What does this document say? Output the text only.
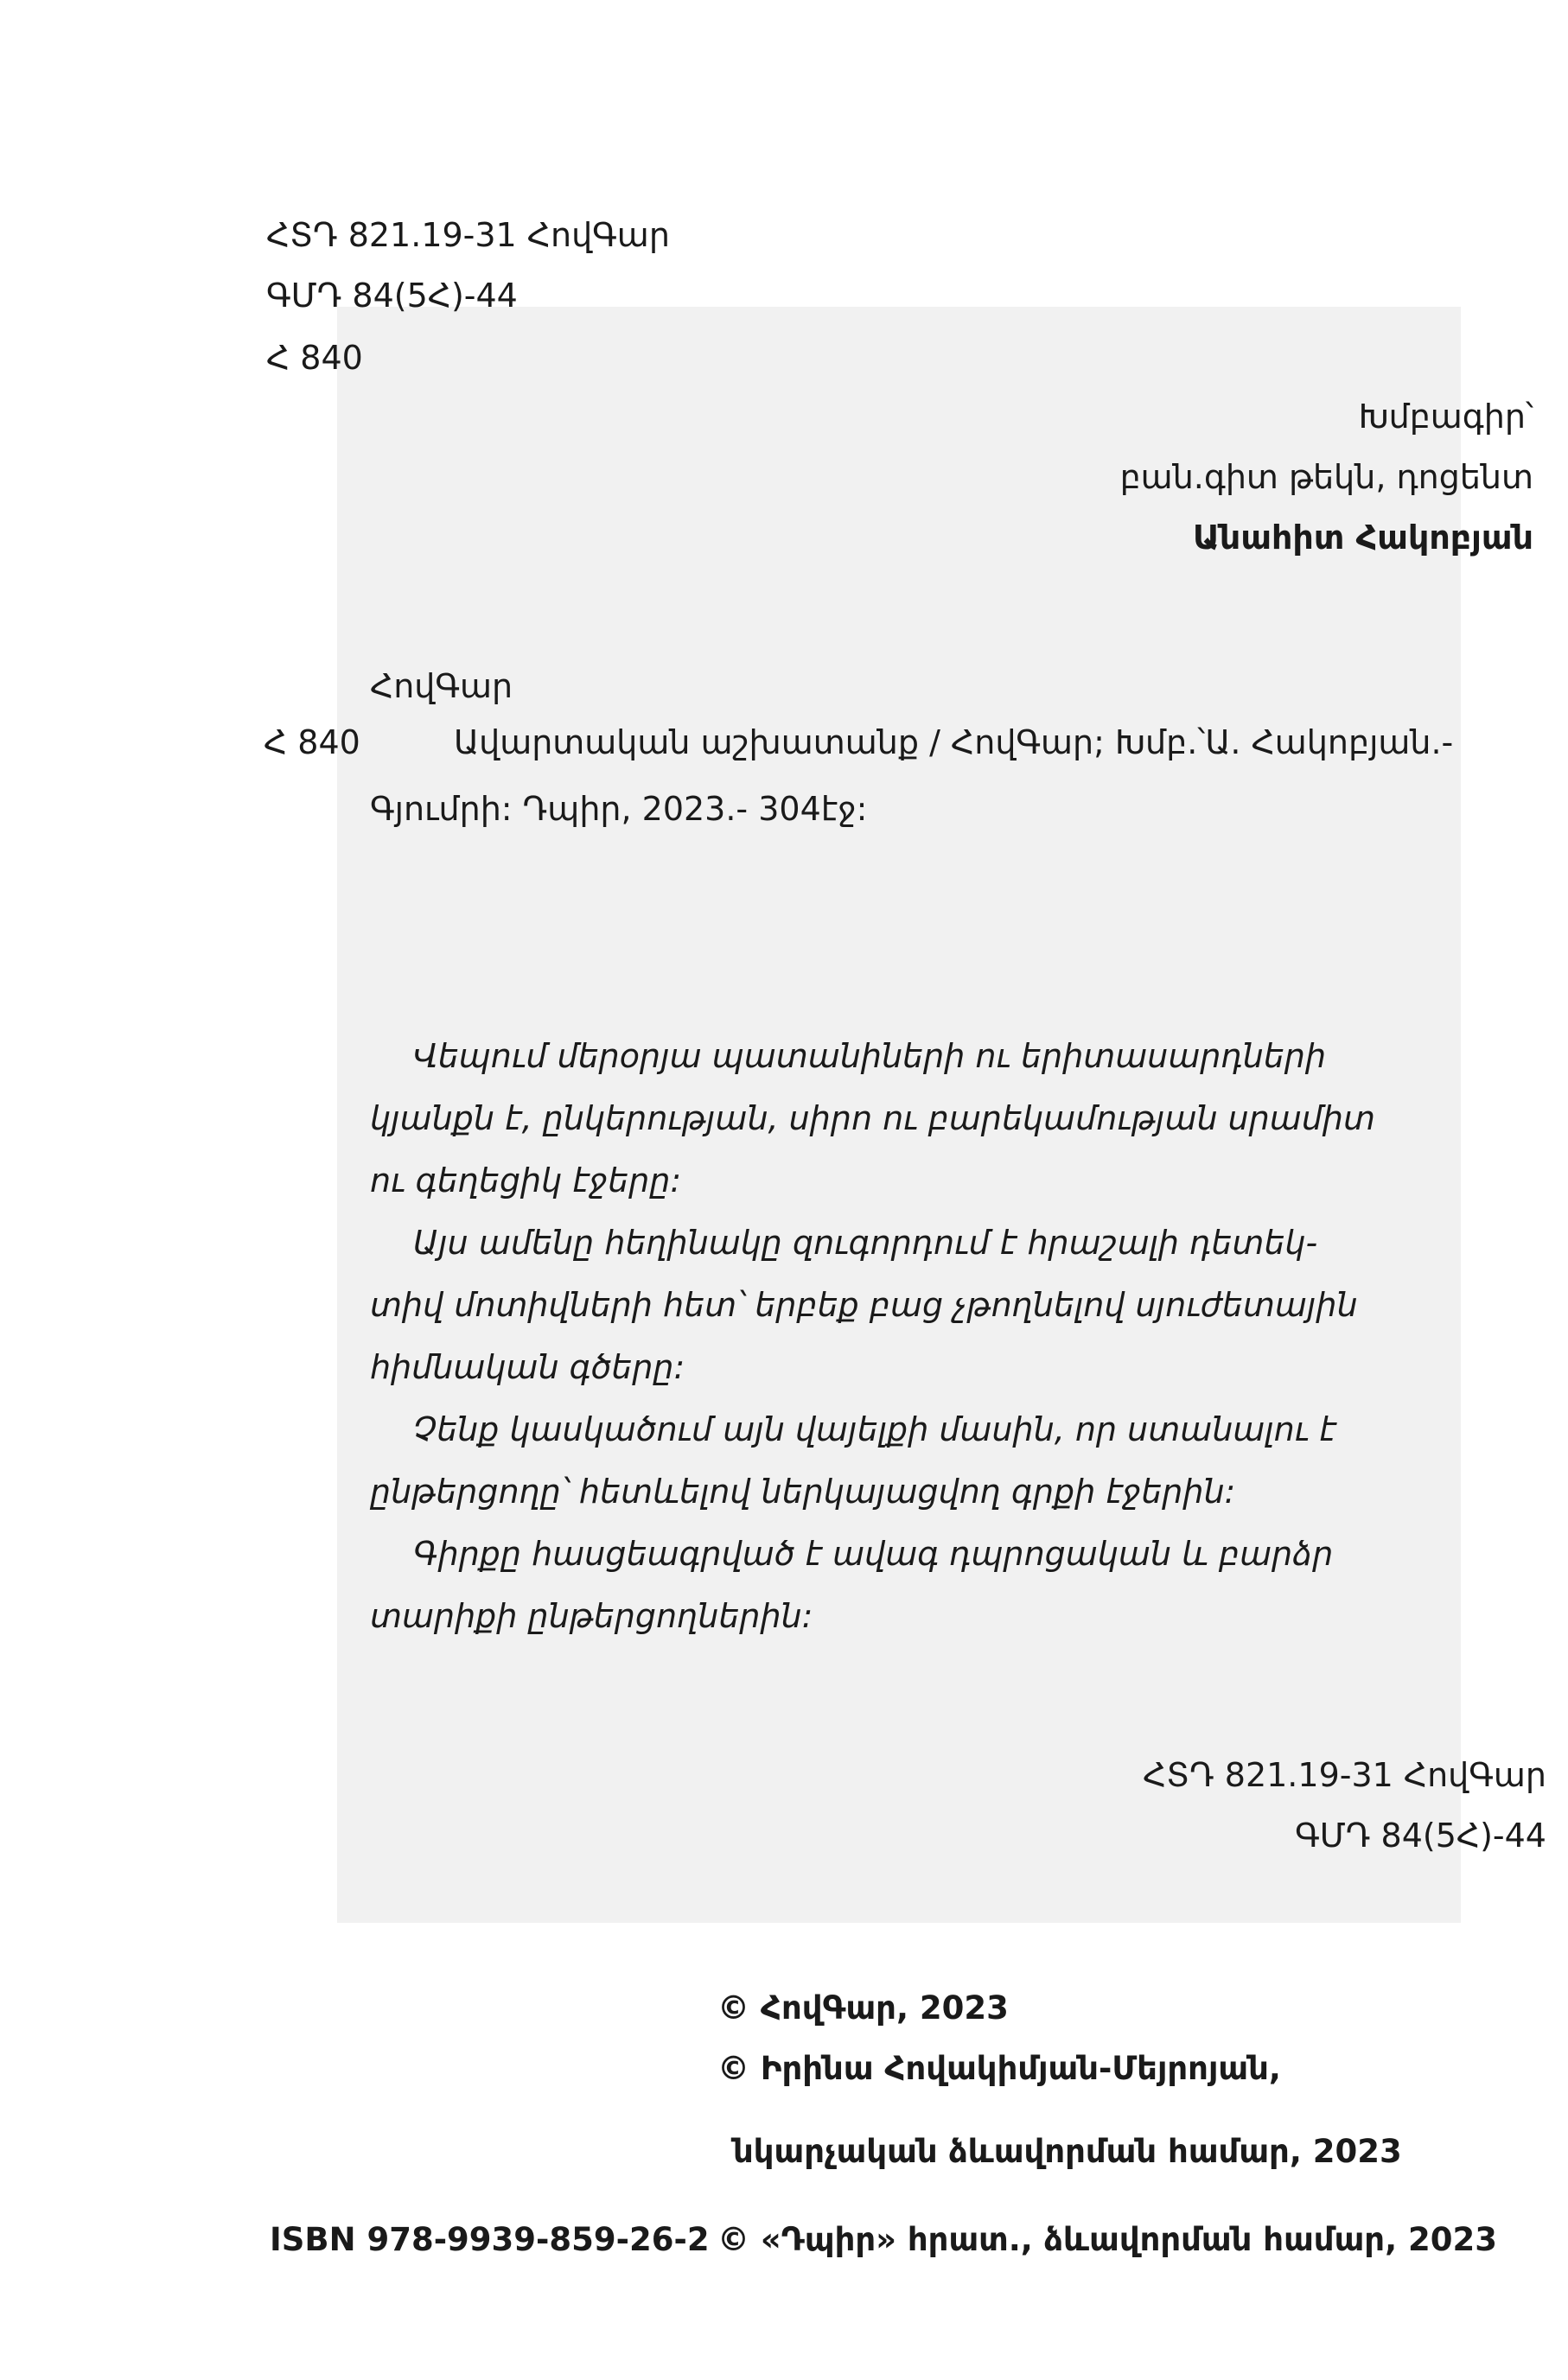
ՀՏԴ 821.19-31 ՀովԳար
ԳՄԴ 84(5Հ)-44
Հ 840
Խմբագիր՝
բան.գիտ թեկն, դոցենտ
Անահիտ Հակոբյան
ՀովԳար
Հ 840	Ավարտական աշխատանք / ՀովԳար; Խմբ.՝Ա. Հակոբյան.-
Գյումրի: Դպիր, 2023.- 304էջ:
Վեպում մերօրյա պատանիների ու երիտասարդների
կյանքն է, ընկերության, սիրո ու բարեկամության սրամիտ
ու գեղեցիկ էջերը:
Այս ամենը հեղինակը զուգորդում է հրաշալի դետեկ-
տիվ մոտիվների հետ՝ երբեք բաց չթողնելով սյուժետային
հիմնական գծերը:
Չենք կասկածում այն վայելքի մասին, որ ստանալու է
ընթերցողը՝ հետևելով ներկայացվող գրքի էջերին:
Գիրքը հասցեագրված է ավագ դպրոցական և բարձր
տարիքի ընթերցողներին:
ՀՏԴ 821.19-31 ՀովԳար
ԳՄԴ 84(5Հ)-44
© ՀովԳար, 2023
© Իրինա Հովակիմյան-Մեյրոյան,
նկարչական ձևավորման համար, 2023
ISBN 978-9939-859-26-2 © «Դպիր» հրատ., ձևավորման համար, 2023
